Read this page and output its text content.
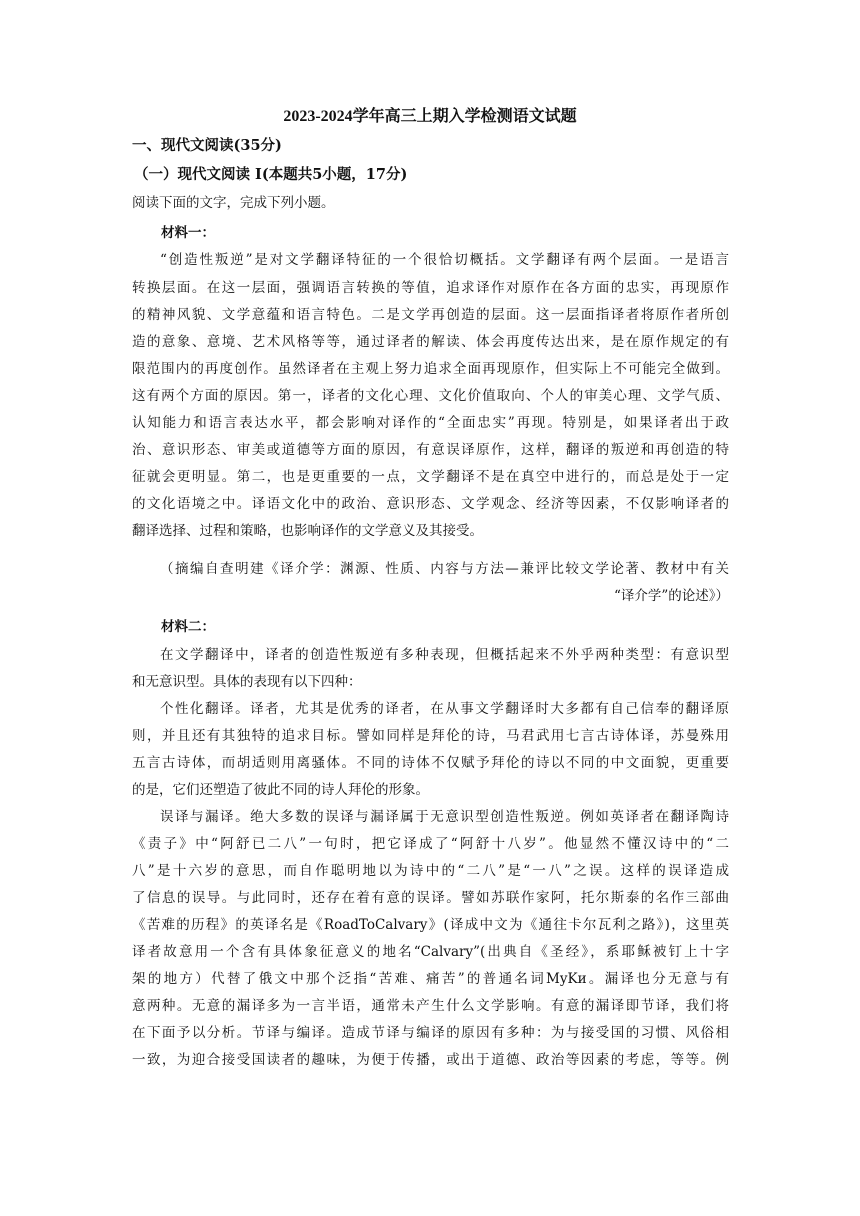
2023-2024学年高三上期入学检测语文试题
一、现代文阅读(35分)
（一）现代文阅读 I(本题共5小题，17分)
阅读下面的文字，完成下列小题。
材料一：
“创造性叛逆”是对文学翻译特征的一个很恰切概括。文学翻译有两个层面。一是语言
转换层面。在这一层面，强调语言转换的等值，追求译作对原作在各方面的忠实，再现原作
的精神风貌、文学意蕴和语言特色。二是文学再创造的层面。这一层面指译者将原作者所创
造的意象、意境、艺术风格等等，通过译者的解读、体会再度传达出来，是在原作规定的有
限范围内的再度创作。虽然译者在主观上努力追求全面再现原作，但实际上不可能完全做到。
这有两个方面的原因。第一，译者的文化心理、文化价值取向、个人的审美心理、文学气质、
认知能力和语言表达水平，都会影响对译作的“全面忠实”再现。特别是，如果译者出于政
治、意识形态、审美或道德等方面的原因，有意误译原作，这样，翻译的叛逆和再创造的特
征就会更明显。第二，也是更重要的一点，文学翻译不是在真空中进行的，而总是处于一定
的文化语境之中。译语文化中的政治、意识形态、文学观念、经济等因素，不仅影响译者的
翻译选择、过程和策略，也影响译作的文学意义及其接受。
（摘编自查明建《译介学：渊源、性质、内容与方法—兼评比较文学论著、教材中有关
“译介学”的论述》）
材料二：
在文学翻译中，译者的创造性叛逆有多种表现，但概括起来不外乎两种类型：有意识型
和无意识型。具体的表现有以下四种：
个性化翻译。译者，尤其是优秀的译者，在从事文学翻译时大多都有自己信奉的翻译原
则，并且还有其独特的追求目标。譬如同样是拜伦的诗，马君武用七言古诗体译，苏曼殊用
五言古诗体，而胡适则用离骚体。不同的诗体不仅赋予拜伦的诗以不同的中文面貌，更重要
的是，它们还塑造了彼此不同的诗人拜伦的形象。
误译与漏译。绝大多数的误译与漏译属于无意识型创造性叛逆。例如英译者在翻译陶诗
《责子》中“阿舒已二八”一句时，把它译成了“阿舒十八岁”。他显然不懂汉诗中的“二
八”是十六岁的意思，而自作聪明地以为诗中的“二八”是“一八”之误。这样的误译造成
了信息的误导。与此同时，还存在着有意的误译。譬如苏联作家阿，托尔斯泰的名作三部曲
《苦难的历程》的英译名是《RoadToCalvary》(译成中文为《通往卡尔瓦利之路》)，这里英
译者故意用一个含有具体象征意义的地名“Calvary”(出典自《圣经》，系耶稣被钉上十字
架的地方）代替了俄文中那个泛指“苦难、痛苦”的普通名词MyKи。漏译也分无意与有
意两种。无意的漏译多为一言半语，通常未产生什么文学影响。有意的漏译即节译，我们将
在下面予以分析。节译与编译。造成节译与编译的原因有多种：为与接受国的习惯、风俗相
一致，为迎合接受国读者的趣味，为便于传播，或出于道德、政治等因素的考虑，等等。例
